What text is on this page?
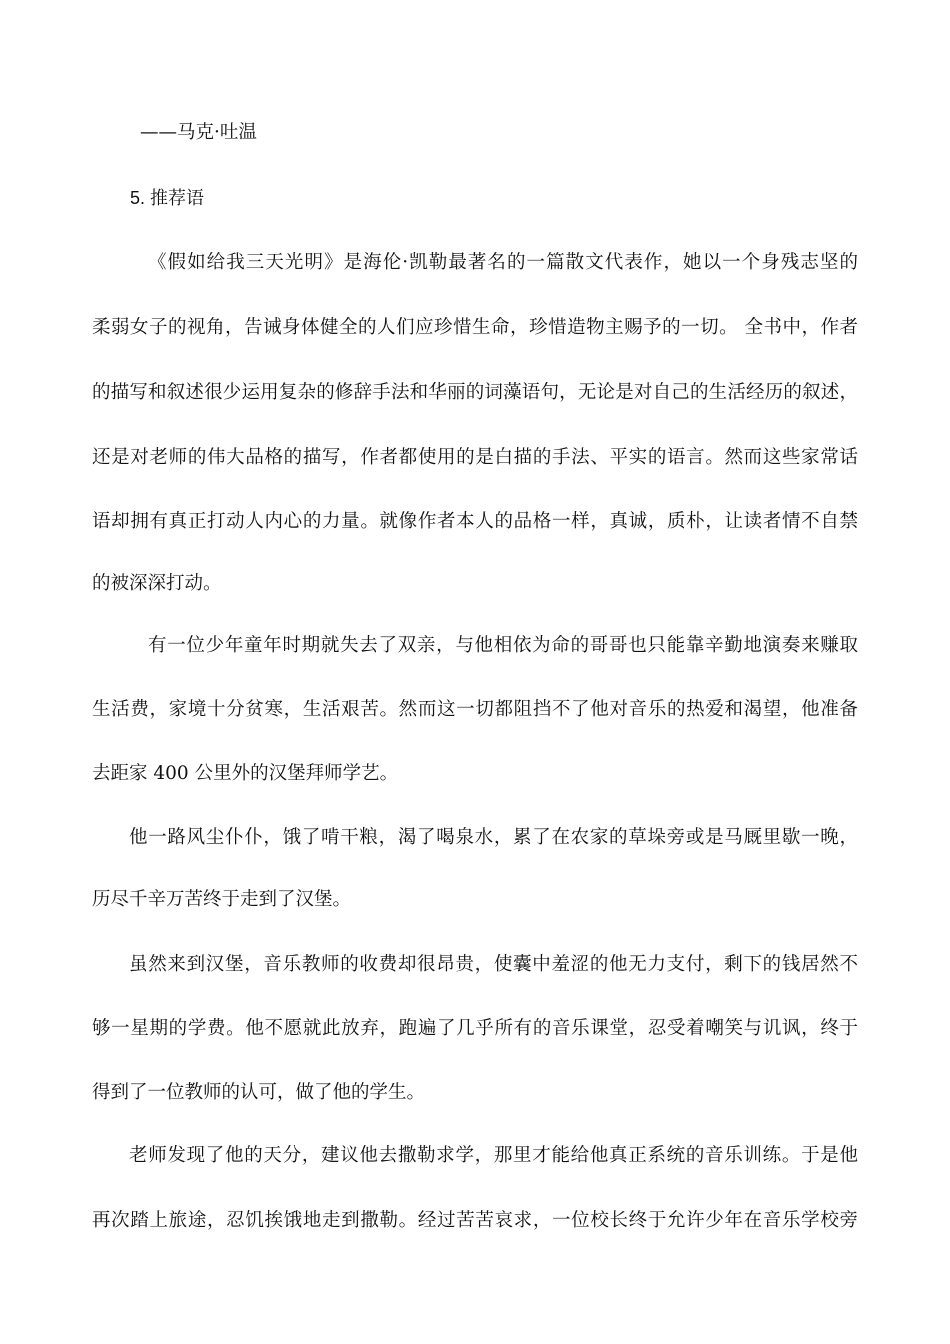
——马克·吐温
5. 推荐语
《假如给我三天光明》是海伦·凯勒最著名的一篇散文代表作，她以一个身残志坚的
柔弱女子的视角，告诫身体健全的人们应珍惜生命，珍惜造物主赐予的一切。 全书中，作者
的描写和叙述很少运用复杂的修辞手法和华丽的词藻语句，无论是对自己的生活经历的叙述，
还是对老师的伟大品格的描写，作者都使用的是白描的手法、平实的语言。然而这些家常话
语却拥有真正打动人内心的力量。就像作者本人的品格一样，真诚，质朴，让读者情不自禁
的被深深打动。
有一位少年童年时期就失去了双亲，与他相依为命的哥哥也只能靠辛勤地演奏来赚取
生活费，家境十分贫寒，生活艰苦。然而这一切都阻挡不了他对音乐的热爱和渴望，他准备
去距家 400 公里外的汉堡拜师学艺。
他一路风尘仆仆，饿了啃干粮，渴了喝泉水，累了在农家的草垛旁或是马厩里歇一晚，
历尽千辛万苦终于走到了汉堡。
虽然来到汉堡，音乐教师的收费却很昂贵，使囊中羞涩的他无力支付，剩下的钱居然不
够一星期的学费。他不愿就此放弃，跑遍了几乎所有的音乐课堂，忍受着嘲笑与讥讽，终于
得到了一位教师的认可，做了他的学生。
老师发现了他的天分，建议他去撒勒求学，那里才能给他真正系统的音乐训练。于是他
再次踏上旅途，忍饥挨饿地走到撒勒。经过苦苦哀求，一位校长终于允许少年在音乐学校旁
